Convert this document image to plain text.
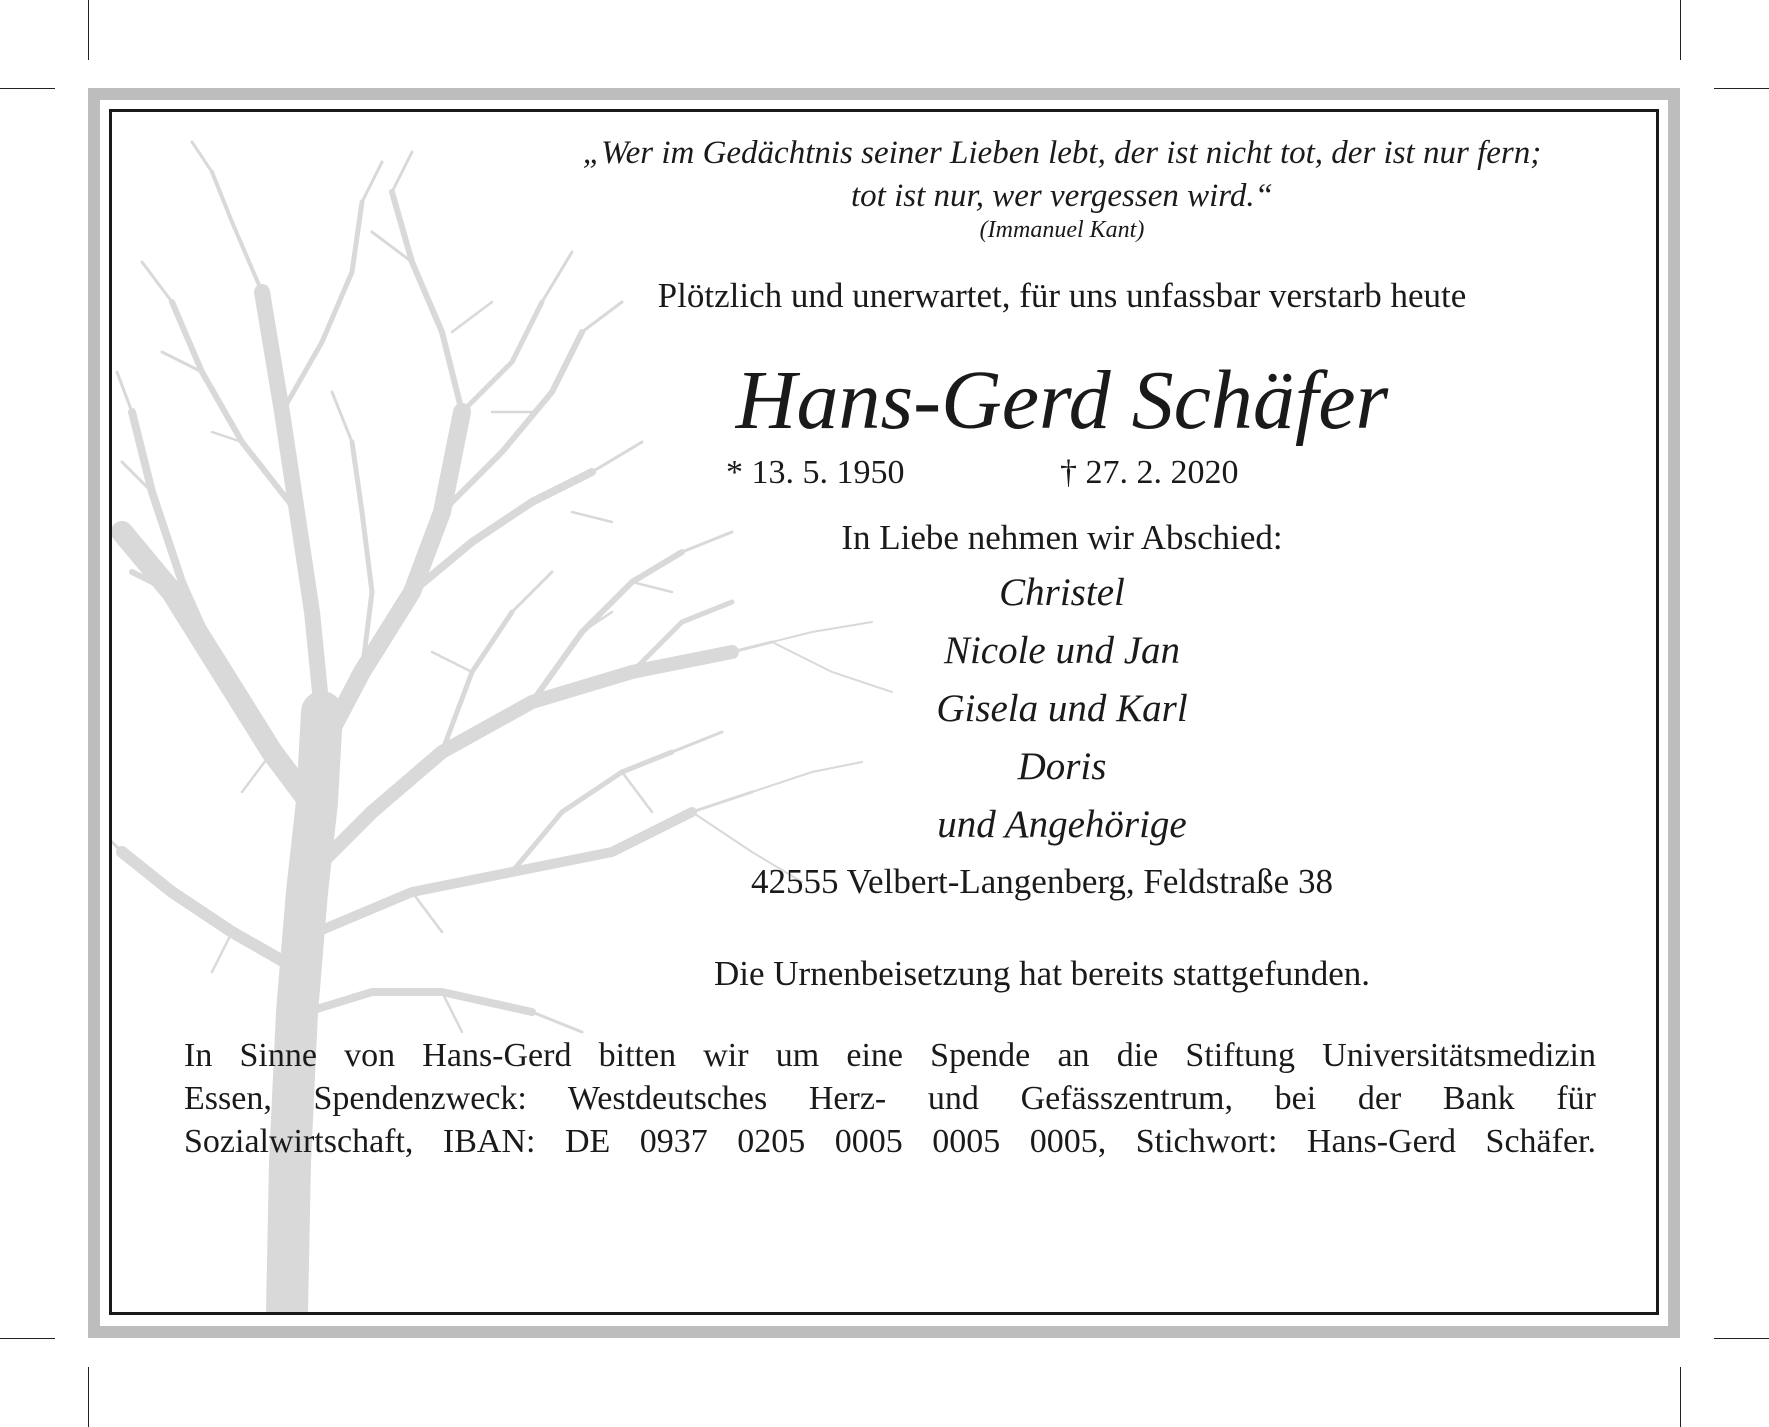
„Wer im Gedächtnis seiner Lieben lebt, der ist nicht tot, der ist nur fern;
tot ist nur, wer vergessen wird.“
(Immanuel Kant)
Plötzlich und unerwartet, für uns unfassbar verstarb heute
Hans-Gerd Schäfer
* 13. 5. 1950	† 27. 2. 2020
In Liebe nehmen wir Abschied:
Christel
Nicole und Jan
Gisela und Karl
Doris
und Angehörige
42555 Velbert-Langenberg, Feldstraße 38
Die Urnenbeisetzung hat bereits stattgefunden.
In Sinne von Hans-Gerd bitten wir um eine Spende an die Stiftung Universitätsmedizin
Essen, Spendenzweck: Westdeutsches Herz- und Gefässzentrum, bei der Bank für
Sozialwirtschaft, IBAN: DE 0937 0205 0005 0005 0005, Stichwort: Hans-Gerd Schäfer.
